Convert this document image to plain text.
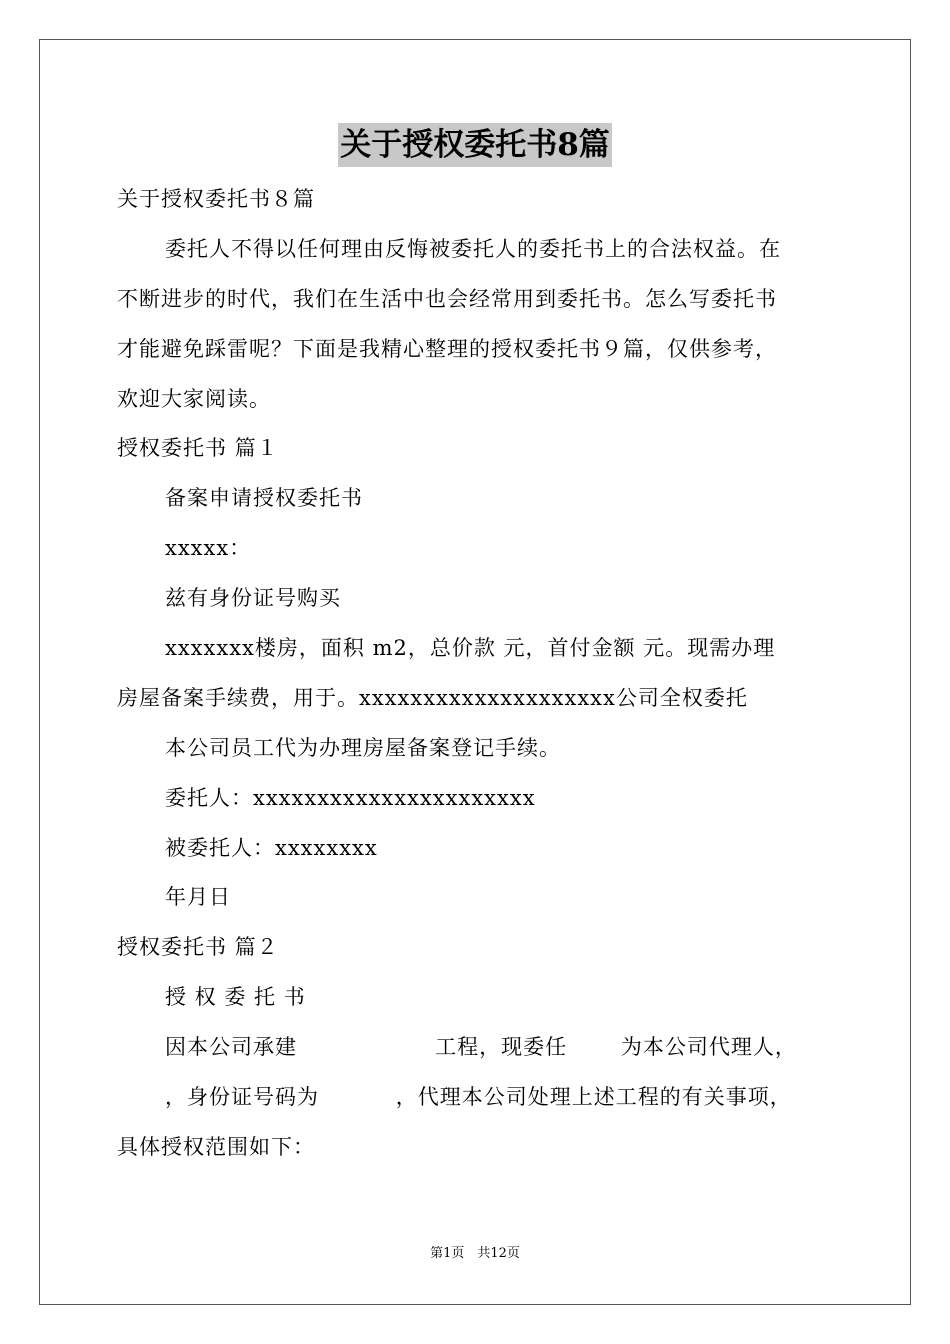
关于授权委托书8篇
关于授权委托书８篇
委托人不得以任何理由反悔被委托人的委托书上的合法权益。在
不断进步的时代，我们在生活中也会经常用到委托书。怎么写委托书
才能避免踩雷呢？下面是我精心整理的授权委托书９篇，仅供参考，
欢迎大家阅读。
授权委托书 篇１
备案申请授权委托书
xxxxx：
兹有身份证号购买
xxxxxxx楼房，面积 m2，总价款 元，首付金额 元。现需办理
房屋备案手续费，用于。xxxxxxxxxxxxxxxxxxxx公司全权委托
本公司员工代为办理房屋备案登记手续。
委托人：xxxxxxxxxxxxxxxxxxxxxx
被委托人：xxxxxxxx
年月日
授权委托书 篇２
授 权 委 托 书
因本公司承建                  工程，现委任       为本公司代理人，
，身份证号码为          ，代理本公司处理上述工程的有关事项，
具体授权范围如下：
第1页　共12页
